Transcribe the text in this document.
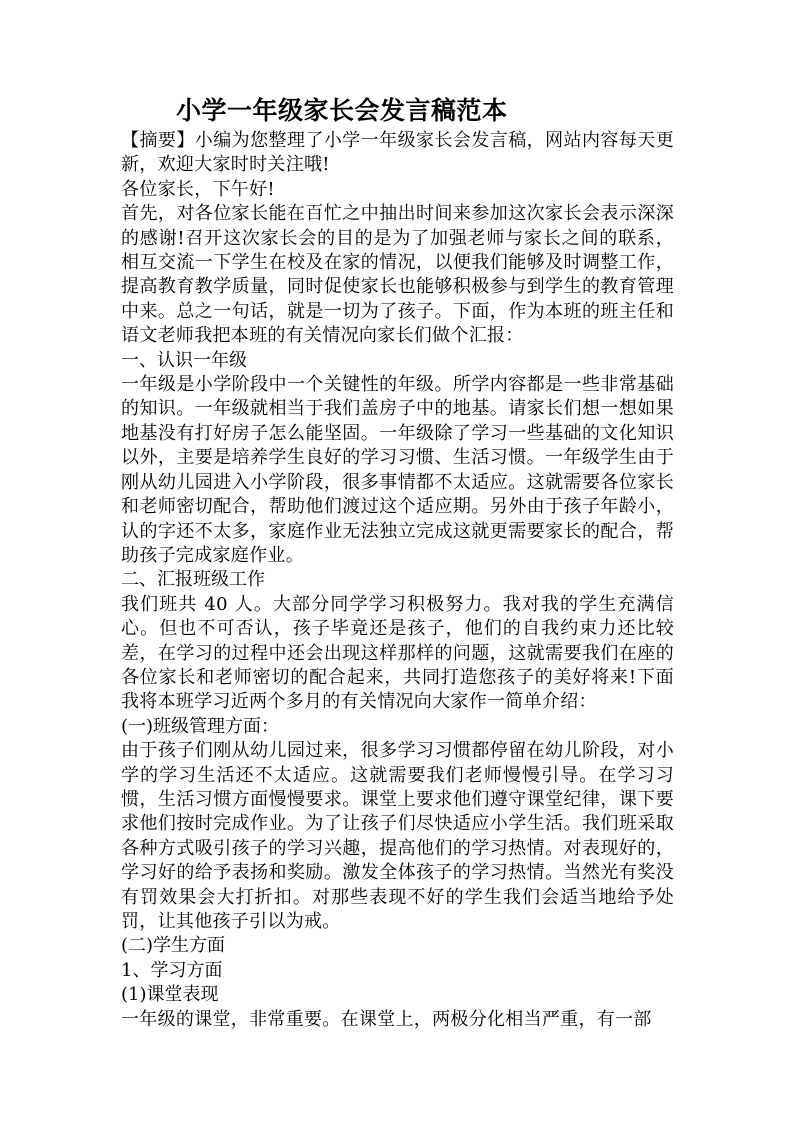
小学一年级家长会发言稿范本

【摘要】小编为您整理了小学一年级家长会发言稿，网站内容每天更新，欢迎大家时时关注哦!

各位家长，下午好!

首先，对各位家长能在百忙之中抽出时间来参加这次家长会表示深深的感谢!召开这次家长会的目的是为了加强老师与家长之间的联系，相互交流一下学生在校及在家的情况，以便我们能够及时调整工作，提高教育教学质量，同时促使家长也能够积极参与到学生的教育管理中来。总之一句话，就是一切为了孩子。下面，作为本班的班主任和语文老师我把本班的有关情况向家长们做个汇报：

一、认识一年级

一年级是小学阶段中一个关键性的年级。所学内容都是一些非常基础的知识。一年级就相当于我们盖房子中的地基。请家长们想一想如果地基没有打好房子怎么能坚固。一年级除了学习一些基础的文化知识以外，主要是培养学生良好的学习习惯、生活习惯。一年级学生由于刚从幼儿园进入小学阶段，很多事情都不太适应。这就需要各位家长和老师密切配合，帮助他们渡过这个适应期。另外由于孩子年龄小，认的字还不太多，家庭作业无法独立完成这就更需要家长的配合，帮助孩子完成家庭作业。

二、汇报班级工作

我们班共 40 人。大部分同学学习积极努力。我对我的学生充满信心。但也不可否认，孩子毕竟还是孩子，他们的自我约束力还比较差，在学习的过程中还会出现这样那样的问题，这就需要我们在座的各位家长和老师密切的配合起来，共同打造您孩子的美好将来!下面我将本班学习近两个多月的有关情况向大家作一简单介绍：

(一)班级管理方面：

由于孩子们刚从幼儿园过来，很多学习习惯都停留在幼儿阶段，对小学的学习生活还不太适应。这就需要我们老师慢慢引导。在学习习惯，生活习惯方面慢慢要求。课堂上要求他们遵守课堂纪律，课下要求他们按时完成作业。为了让孩子们尽快适应小学生活。我们班采取各种方式吸引孩子的学习兴趣，提高他们的学习热情。对表现好的，学习好的给予表扬和奖励。激发全体孩子的学习热情。当然光有奖没有罚效果会大打折扣。对那些表现不好的学生我们会适当地给予处罚，让其他孩子引以为戒。

(二)学生方面

1、学习方面

(1)课堂表现

一年级的课堂，非常重要。在课堂上，两极分化相当严重，有一部
